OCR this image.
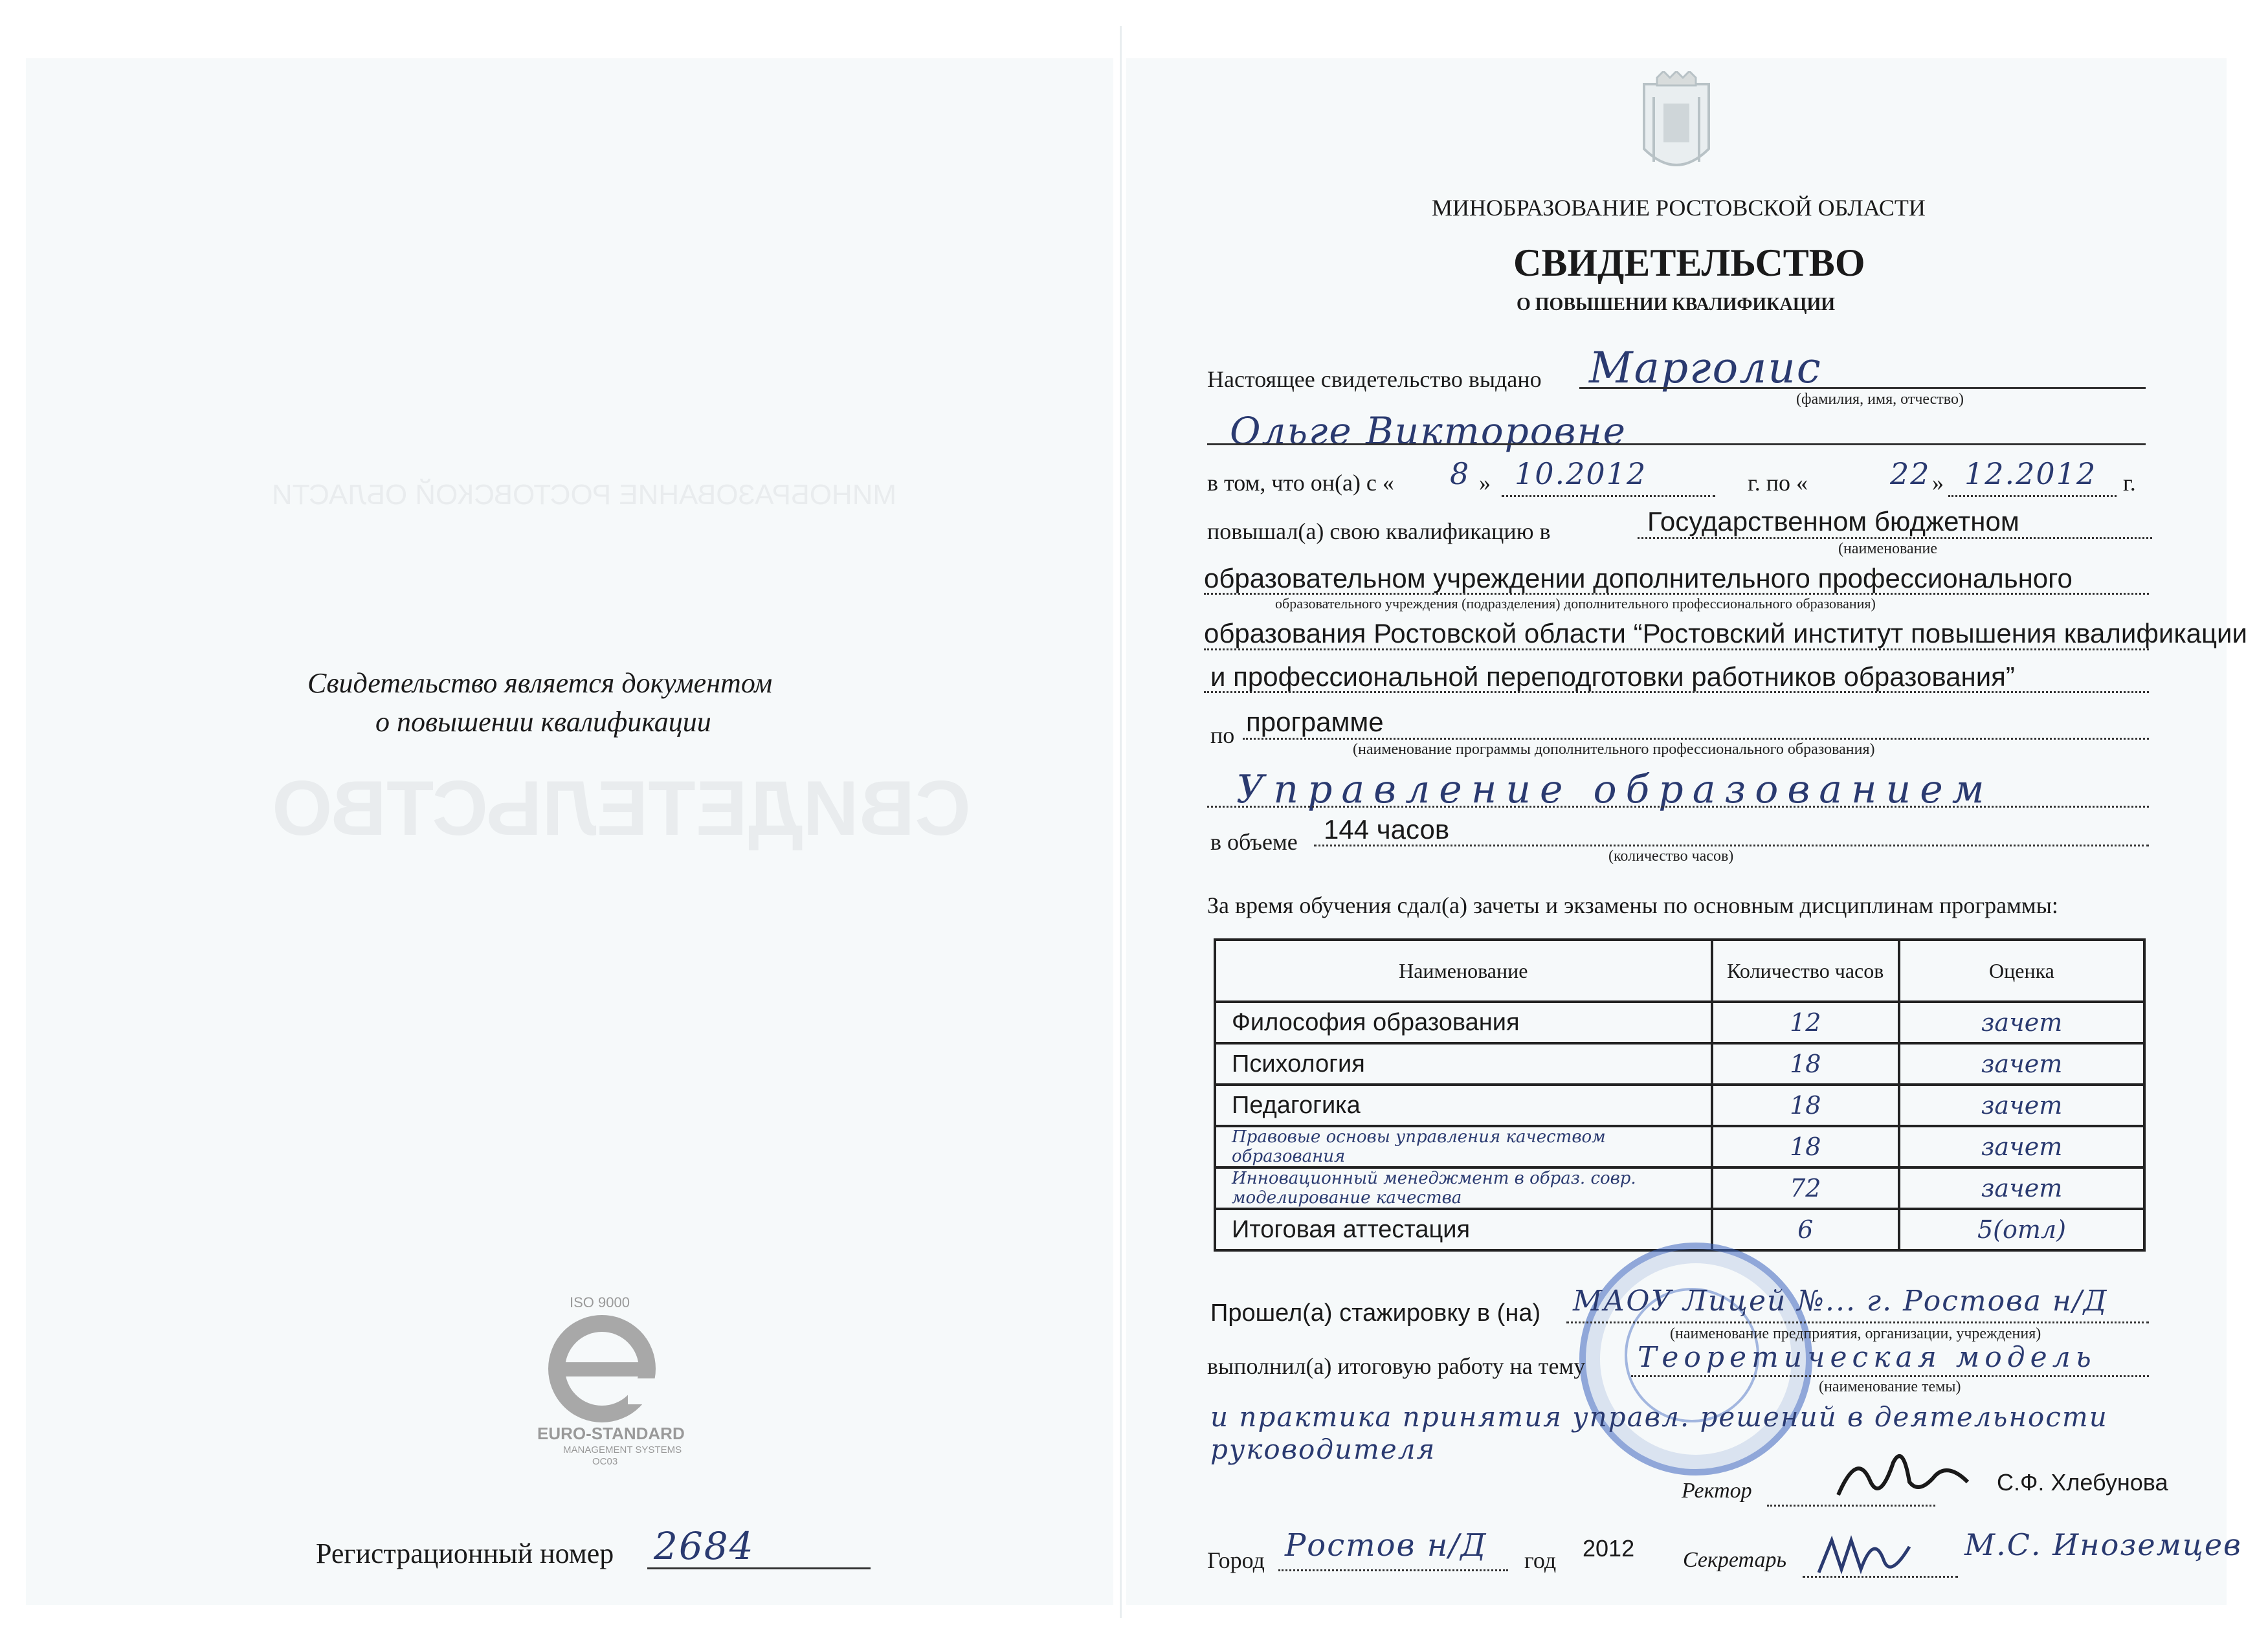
СВИДЕТЕЛЬСТВО
МИНОБРАЗОВАНИЕ РОСТОВСКОЙ ОБЛАСТИ
Свидетельство является документом
о повышении квалификации
ISO 9000
EURO-STANDARD
MANAGEMENT SYSTEMS
OC03
Регистрационный номер 2684
МИНОБРАЗОВАНИЕ РОСТОВСКОЙ ОБЛАСТИ
СВИДЕТЕЛЬСТВО
О ПОВЫШЕНИИ КВАЛИФИКАЦИИ
Настоящее свидетельство выдано Марголис
(фамилия, имя, отчество)
Ольге Викторовне
в том, что он(а) с « 8 » 10.2012	г. по «	22 » 12.2012 г.
повышал(а) свою квалификацию в	Государственном бюджетном
(наименование
образовательном учреждении дополнительного профессионального
образовательного учреждения (подразделения) дополнительного профессионального образования)
образования Ростовской области “Ростовский институт повышения квалификации
и профессиональной переподготовки работников образования”
по программе
(наименование программы дополнительного профессионального образования)
Управление образованием
в объеме 144 часов
(количество часов)
За время обучения сдал(а) зачеты и экзамены по основным дисциплинам программы:
Наименование	Количество часов	Оценка
Философия образования	12	зачет
Психология	18	зачет
Педагогика	18	зачет

Правовые основы управления качеством образования	18	зачет

Инновационный менеджмент в образ. совр. моделирование качества	72	зачет
Итоговая аттестация	6	5(отл)
Прошел(а) стажировку в (на) МАОУ Лицей №... г. Ростова н/Д
(наименование предприятия, организации, учреждения)
выполнил(а) итоговую работу на тему Теоретическая модель
(наименование темы)
и практика принятия управл. решений в деятельности
руководителя
Ректор	С.Ф. Хлебунова
Город Ростов н/Д год 2012 Секретарь	М.С. Иноземцев
